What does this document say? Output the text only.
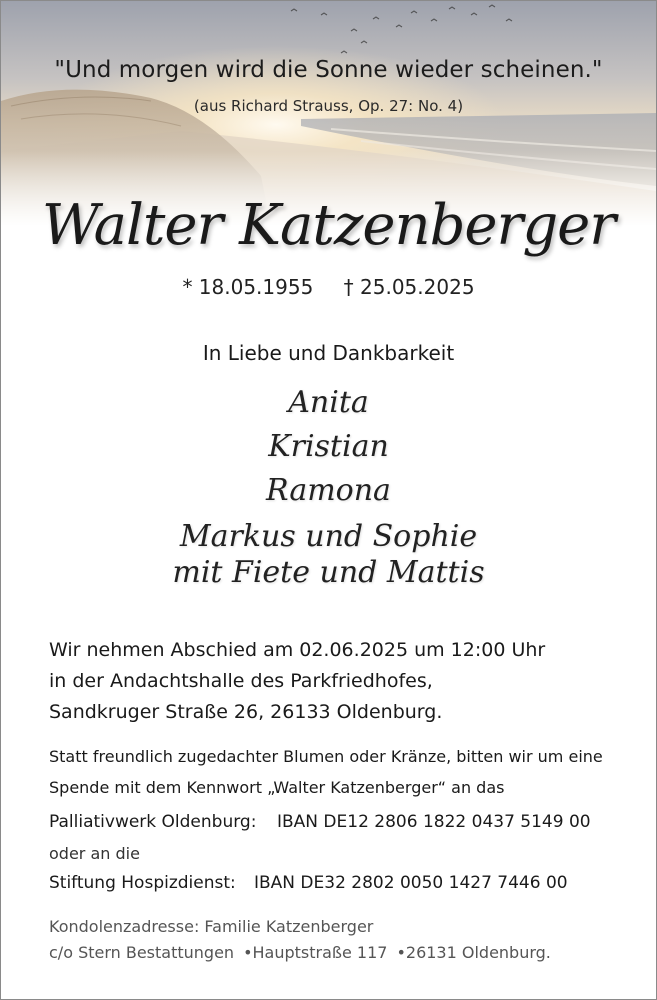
"Und morgen wird die Sonne wieder scheinen."
(aus Richard Strauss, Op. 27: No. 4)
Walter Katzenberger
* 18.05.1955 † 25.05.2025
In Liebe und Dankbarkeit
Anita
Kristian
Ramona
Markus und Sophie
mit Fiete und Mattis
Wir nehmen Abschied am 02.06.2025 um 12:00 Uhr
in der Andachtshalle des Parkfriedhofes,
Sandkruger Straße 26, 26133 Oldenburg.
Statt freundlich zugedachter Blumen oder Kränze, bitten wir um eine
Spende mit dem Kennwort „Walter Katzenberger“ an das
Palliativwerk Oldenburg: IBAN DE12 2806 1822 0437 5149 00
oder an die
Stiftung Hospizdienst: IBAN DE32 2802 0050 1427 7446 00
Kondolenzadresse: Familie Katzenberger
c/o Stern Bestattungen •Hauptstraße 117 •26131 Oldenburg.
